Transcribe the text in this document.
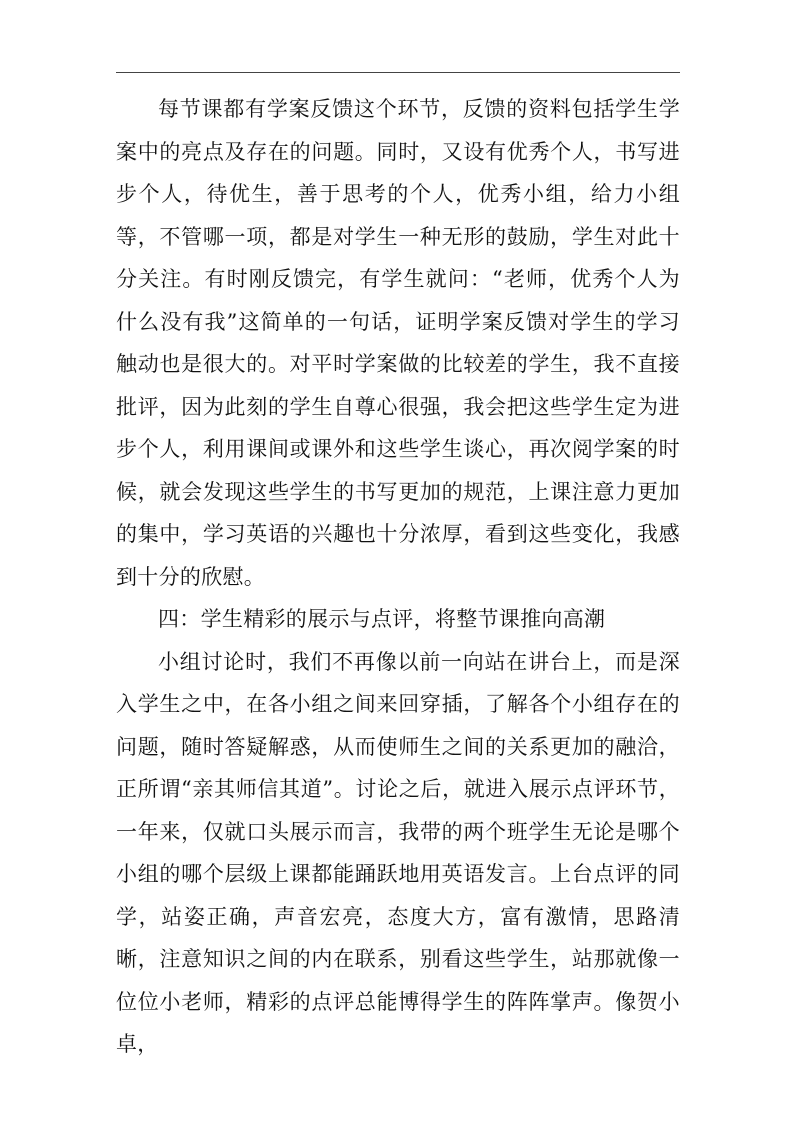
每节课都有学案反馈这个环节，反馈的资料包括学生学案中的亮点及存在的问题。同时，又设有优秀个人，书写进步个人，待优生，善于思考的个人，优秀小组，给力小组等，不管哪一项，都是对学生一种无形的鼓励，学生对此十分关注。有时刚反馈完，有学生就问：“老师，优秀个人为什么没有我”这简单的一句话，证明学案反馈对学生的学习触动也是很大的。对平时学案做的比较差的学生，我不直接批评，因为此刻的学生自尊心很强，我会把这些学生定为进步个人，利用课间或课外和这些学生谈心，再次阅学案的时候，就会发现这些学生的书写更加的规范，上课注意力更加的集中，学习英语的兴趣也十分浓厚，看到这些变化，我感到十分的欣慰。

四：学生精彩的展示与点评，将整节课推向高潮

小组讨论时，我们不再像以前一向站在讲台上，而是深入学生之中，在各小组之间来回穿插，了解各个小组存在的问题，随时答疑解惑，从而使师生之间的关系更加的融洽，正所谓“亲其师信其道”。讨论之后，就进入展示点评环节，一年来，仅就口头展示而言，我带的两个班学生无论是哪个小组的哪个层级上课都能踊跃地用英语发言。上台点评的同学，站姿正确，声音宏亮，态度大方，富有激情，思路清晰，注意知识之间的内在联系，别看这些学生，站那就像一位位小老师，精彩的点评总能博得学生的阵阵掌声。像贺小卓，
